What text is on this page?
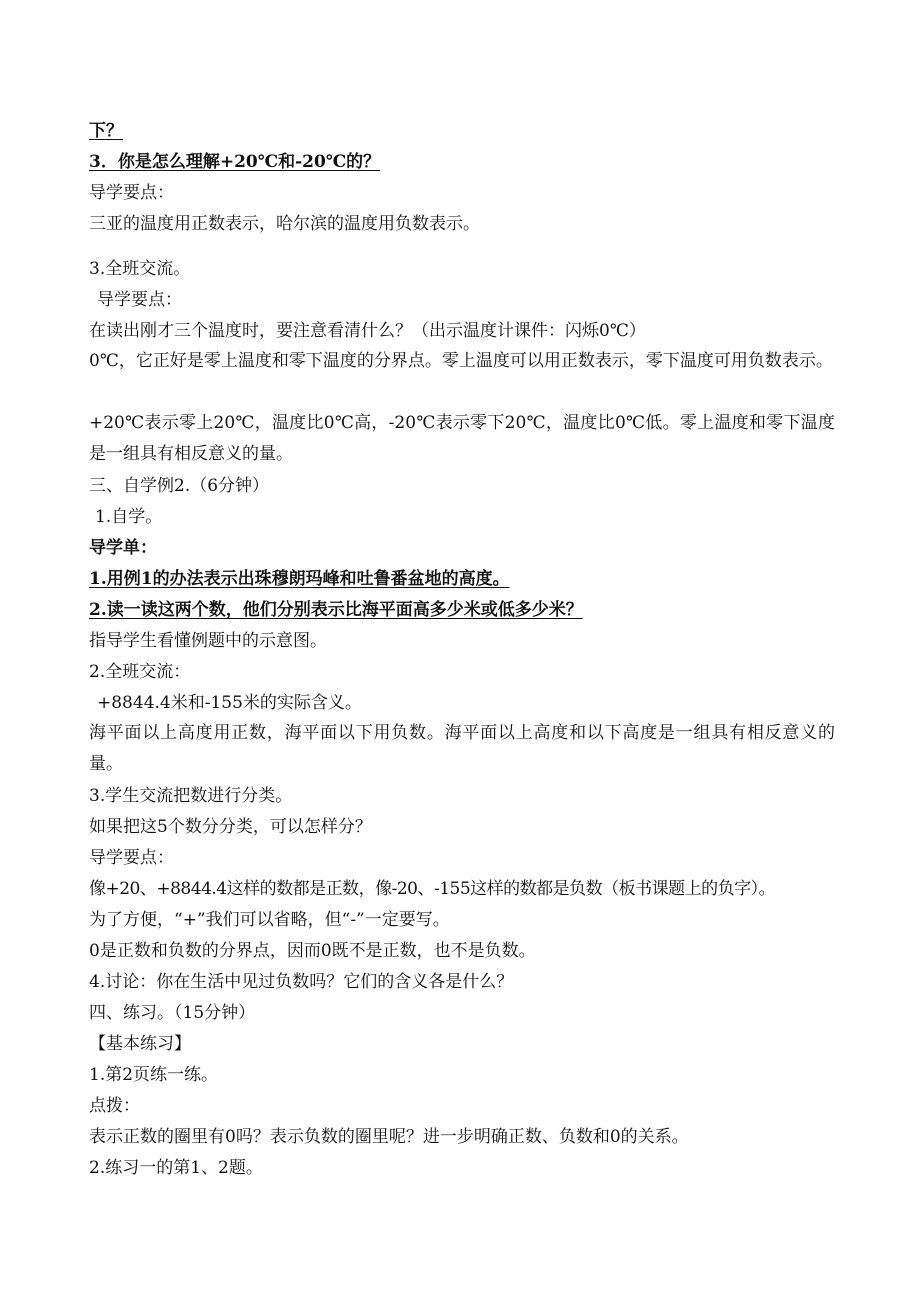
下？
3．你是怎么理解+20℃和-20℃的？
导学要点：
三亚的温度用正数表示，哈尔滨的温度用负数表示。
3.全班交流。
导学要点：
在读出刚才三个温度时，要注意看清什么？（出示温度计课件：闪烁0℃）
0℃，它正好是零上温度和零下温度的分界点。零上温度可以用正数表示，零下温度可用负数表示。
+20℃表示零上20℃，温度比0℃高，-20℃表示零下20℃，温度比0℃低。零上温度和零下温度是一组具有相反意义的量。
三、自学例2.（6分钟）
1.自学。
导学单：
1.用例1的办法表示出珠穆朗玛峰和吐鲁番盆地的高度。
2.读一读这两个数，他们分别表示比海平面高多少米或低多少米？
指导学生看懂例题中的示意图。
2.全班交流：
+8844.4米和-155米的实际含义。
海平面以上高度用正数，海平面以下用负数。海平面以上高度和以下高度是一组具有相反意义的量。
3.学生交流把数进行分类。
如果把这5个数分分类，可以怎样分？
导学要点：
像+20、+8844.4这样的数都是正数，像-20、-155这样的数都是负数（板书课题上的负字）。
为了方便，“+”我们可以省略，但“-”一定要写。
0是正数和负数的分界点，因而0既不是正数，也不是负数。
4.讨论：你在生活中见过负数吗？它们的含义各是什么？
四、练习。（15分钟）
【基本练习】
1.第2页练一练。
点拨：
表示正数的圈里有0吗？表示负数的圈里呢？进一步明确正数、负数和0的关系。
2.练习一的第1、2题。
